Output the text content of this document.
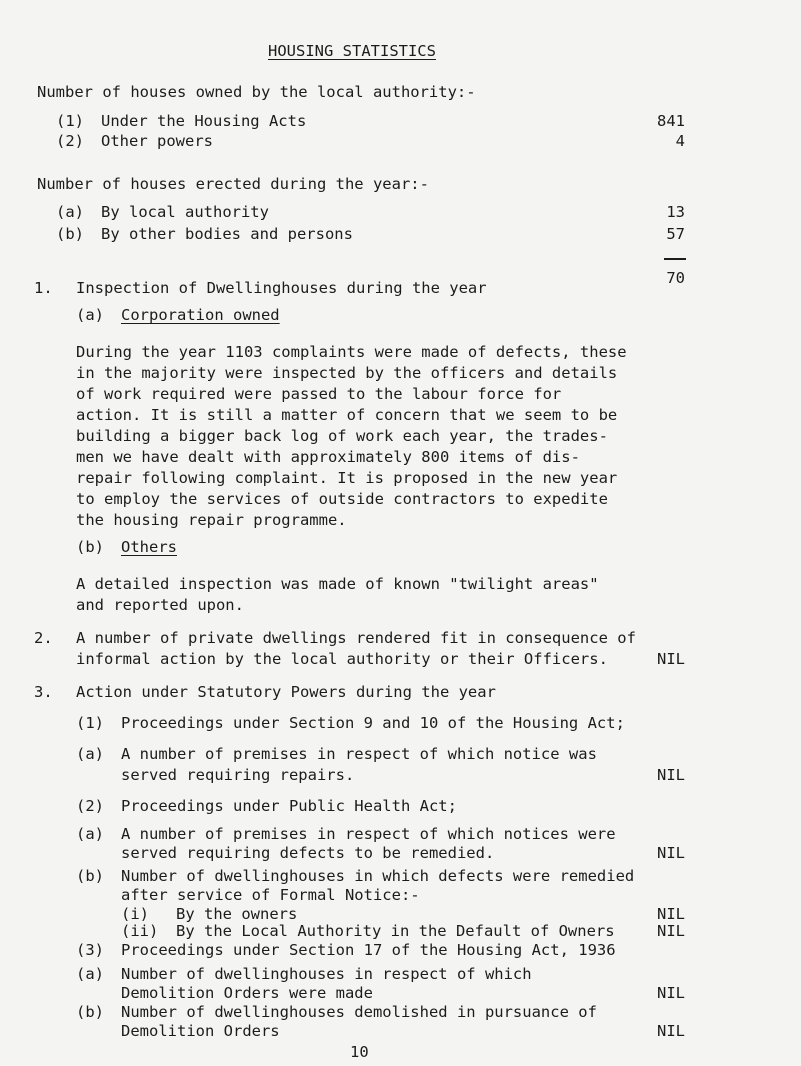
HOUSING STATISTICS
Number of houses owned by the local authority:-
(1) Under the Housing Acts	841
(2) Other powers	4
Number of houses erected during the year:-
(a) By local authority	13
(b) By other bodies and persons	57
70
1. Inspection of Dwellinghouses during the year
(a) Corporation owned
During the year 1103 complaints were made of defects, these
in the majority were inspected by the officers and details
of work required were passed to the labour force for
action. It is still a matter of concern that we seem to be
building a bigger back log of work each year, the trades-
men we have dealt with approximately 800 items of dis-
repair following complaint. It is proposed in the new year
to employ the services of outside contractors to expedite
the housing repair programme.
(b) Others
A detailed inspection was made of known "twilight areas"
and reported upon.
2. A number of private dwellings rendered fit in consequence of
informal action by the local authority or their Officers.	NIL
3. Action under Statutory Powers during the year
(1) Proceedings under Section 9 and 10 of the Housing Act;
(a) A number of premises in respect of which notice was
served requiring repairs.	NIL
(2) Proceedings under Public Health Act;
(a) A number of premises in respect of which notices were
served requiring defects to be remedied.	NIL
(b) Number of dwellinghouses in which defects were remedied
after service of Formal Notice:-
(i) By the owners	NIL
(ii) By the Local Authority in the Default of Owners	NIL
(3) Proceedings under Section 17 of the Housing Act, 1936
(a) Number of dwellinghouses in respect of which
Demolition Orders were made	NIL
(b) Number of dwellinghouses demolished in pursuance of
Demolition Orders	NIL
10
